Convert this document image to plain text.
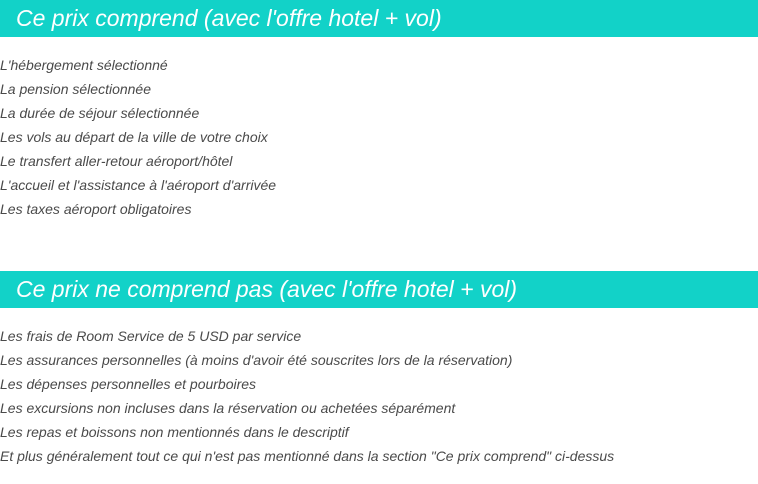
Ce prix comprend (avec l'offre hotel + vol)
L'hébergement sélectionné
La pension sélectionnée
La durée de séjour sélectionnée
Les vols au départ de la ville de votre choix
Le transfert aller-retour aéroport/hôtel
L'accueil et l'assistance à l'aéroport d'arrivée
Les taxes aéroport obligatoires
Ce prix ne comprend pas (avec l'offre hotel + vol)
Les frais de Room Service de 5 USD par service
Les assurances personnelles (à moins d'avoir été souscrites lors de la réservation)
Les dépenses personnelles et pourboires
Les excursions non incluses dans la réservation ou achetées séparément
Les repas et boissons non mentionnés dans le descriptif
Et plus généralement tout ce qui n'est pas mentionné dans la section "Ce prix comprend" ci-dessus
